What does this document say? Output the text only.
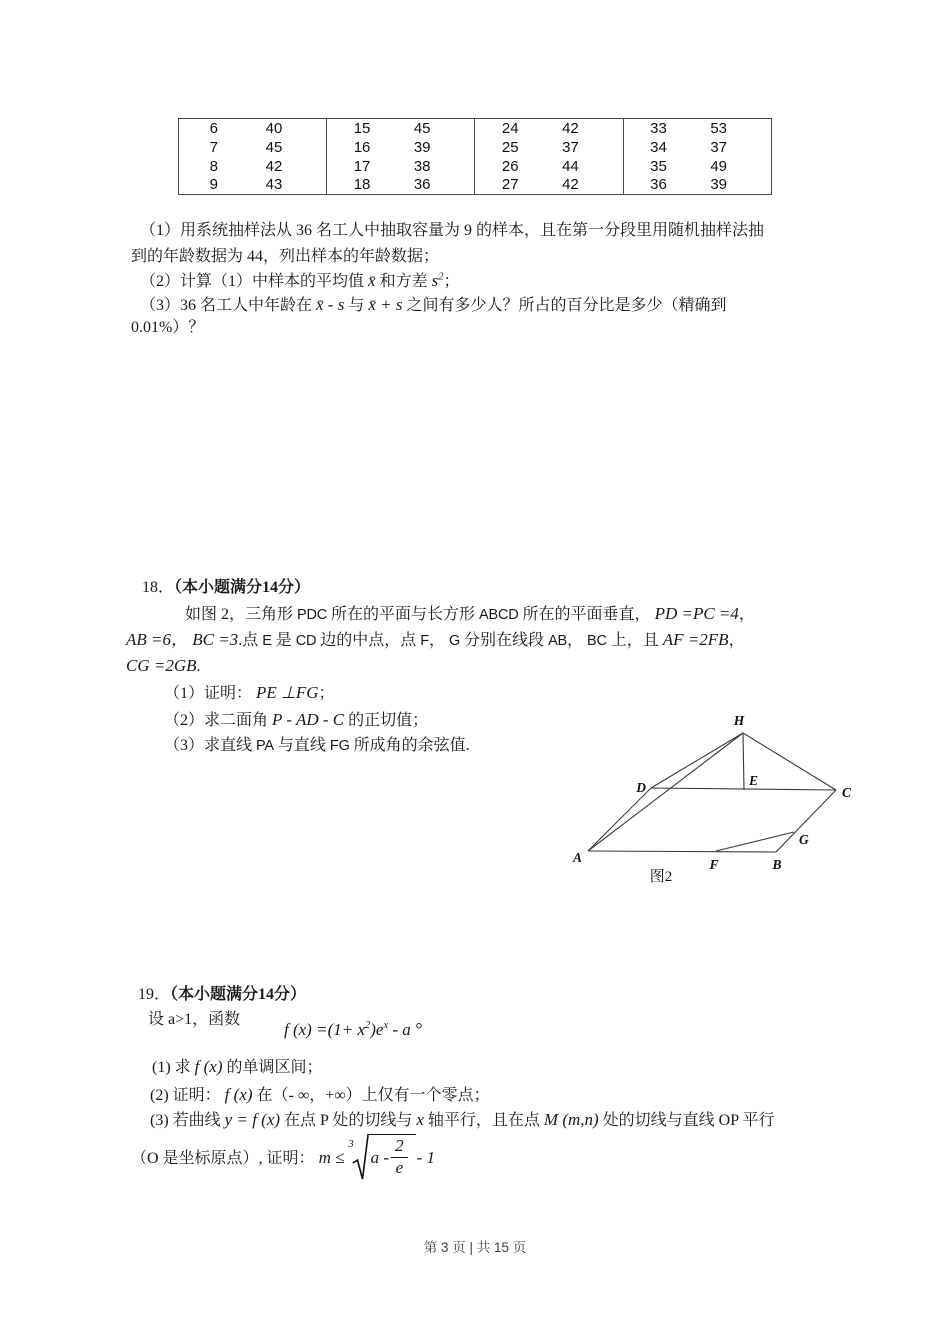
6	40	15	45	24	42	33	53
7	45	16	39	25	37	34	37
8	42	17	38	26	44	35	49
9	43	18	36	27	42	36	39
（1）用系统抽样法从 36 名工人中抽取容量为 9 的样本，且在第一分段里用随机抽样法抽
到的年龄数据为 44，列出样本的年龄数据；
（2）计算（1）中样本的平均值 x̄ 和方差 $s^2$；
（3）36 名工人中年龄在 x̄ - s 与 x̄ + s 之间有多少人？所占的百分比是多少（精确到
0.01%）？
18．（本小题满分14分）
如图 2，三角形 PDC 所在的平面与长方形 ABCD 所在的平面垂直， PD =PC =4，
AB =6， BC =3.点 E 是 CD 边的中点，点 F， G 分别在线段 AB， BC 上，且 AF =2FB，
CG =2GB.
（1）证明： PE ⊥FG；
（2）求二面角 P - AD - C 的正切值；
（3）求直线 PA 与直线 FG 所成角的余弦值.
H
D	E
C
A	F	B
G
图2
19．（本小题满分14分）
设 a>1，函数
f $(x) =(1+ x^2)e^x - a$ °
(1) 求 f (x) 的单调区间；
(2) 证明： f (x) 在（- ∞，+∞）上仅有一个零点；
(3) 若曲线 y = f (x) 在点 P 处的切线与 x 轴平行，且在点 M (m,n) 处的切线与直线 OP 平行
（O 是坐标原点）, 证明： m ≤
3
a - $\frac{2}{e} - 1$
第 3 页 | 共 15 页
